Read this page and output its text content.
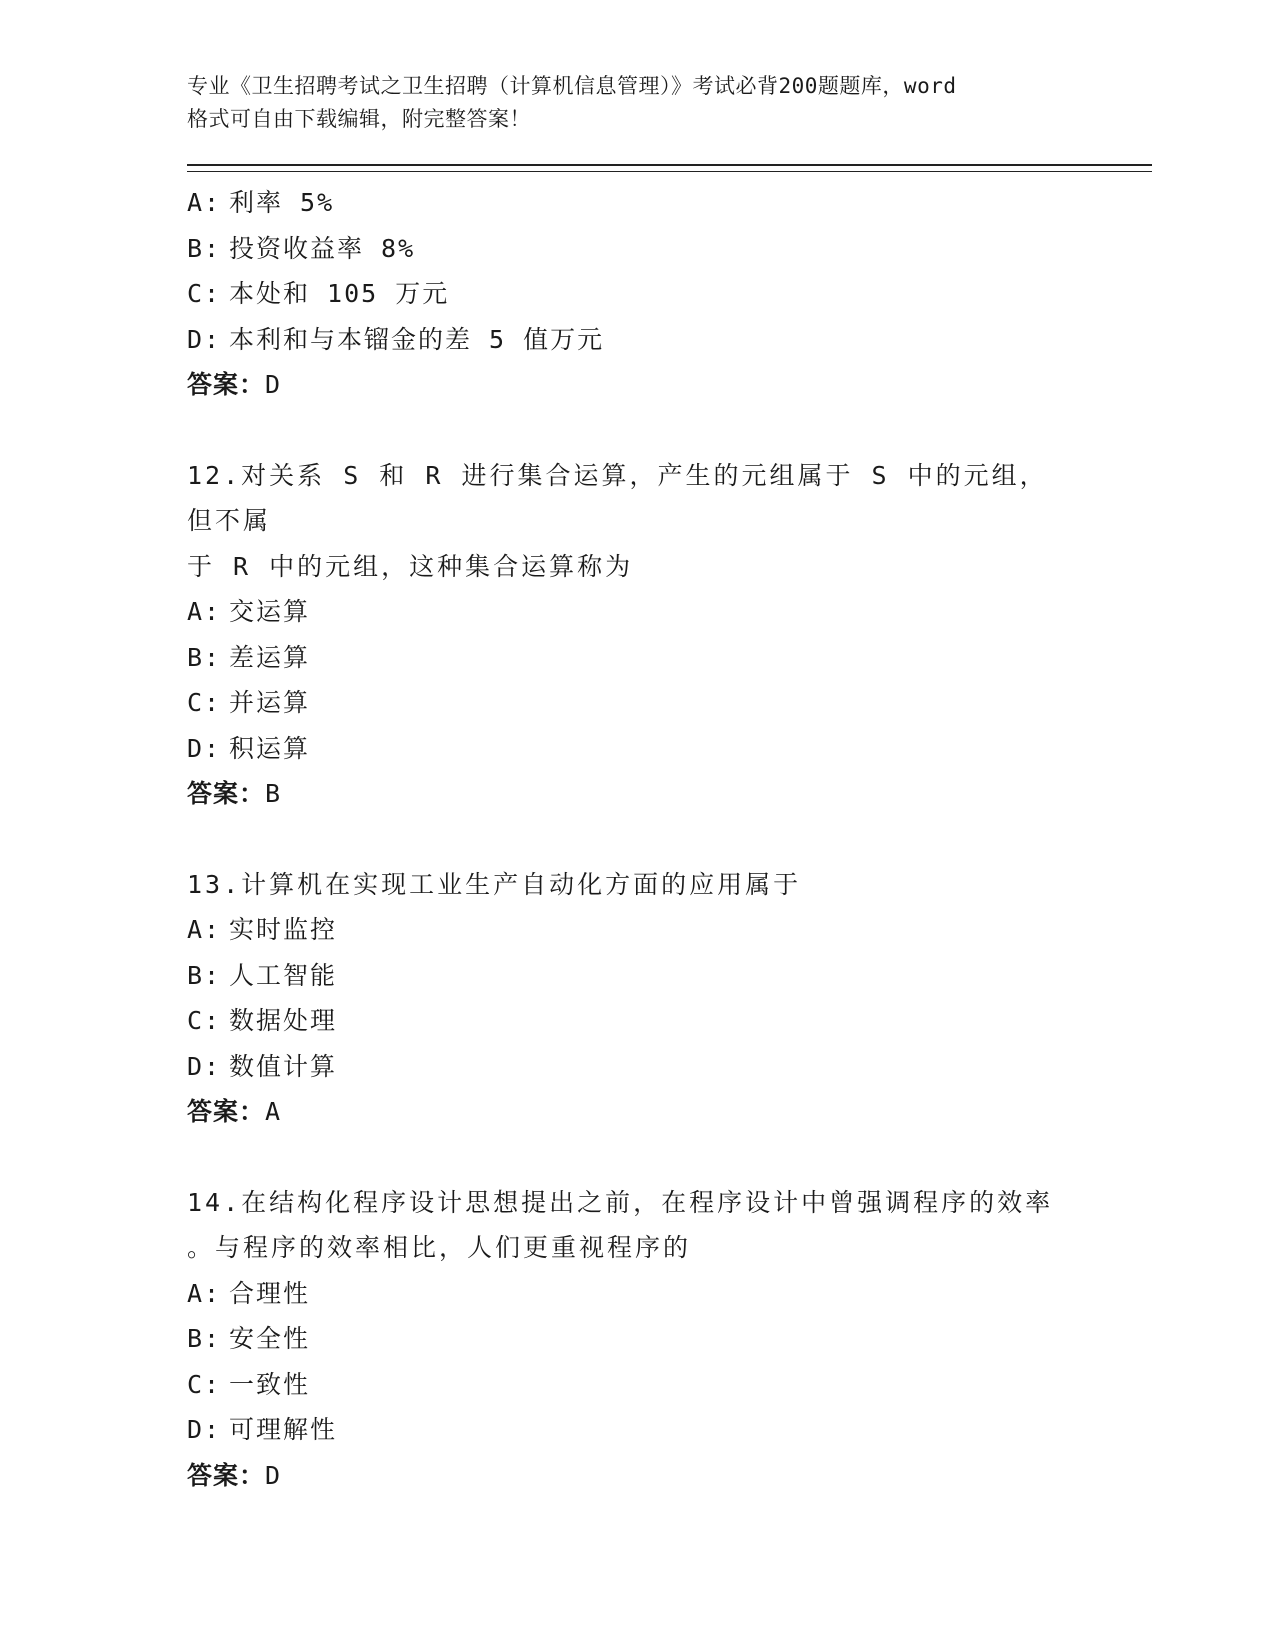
专业《卫生招聘考试之卫生招聘（计算机信息管理）》考试必背200题题库，word
格式可自由下载编辑，附完整答案！
A: 利率 5%
B: 投资收益率 8%
C: 本处和 105 万元
D: 本利和与本镏金的差 5 值万元
答案：D
12.对关系 S 和 R 进行集合运算，产生的元组属于 S 中的元组，但不属
于 R 中的元组，这种集合运算称为
A: 交运算
B: 差运算
C: 并运算
D: 积运算
答案：B
13.计算机在实现工业生产自动化方面的应用属于
A: 实时监控
B: 人工智能
C: 数据处理
D: 数值计算
答案：A
14.在结构化程序设计思想提出之前，在程序设计中曾强调程序的效率
。与程序的效率相比，人们更重视程序的
A: 合理性
B: 安全性
C: 一致性
D: 可理解性
答案：D
